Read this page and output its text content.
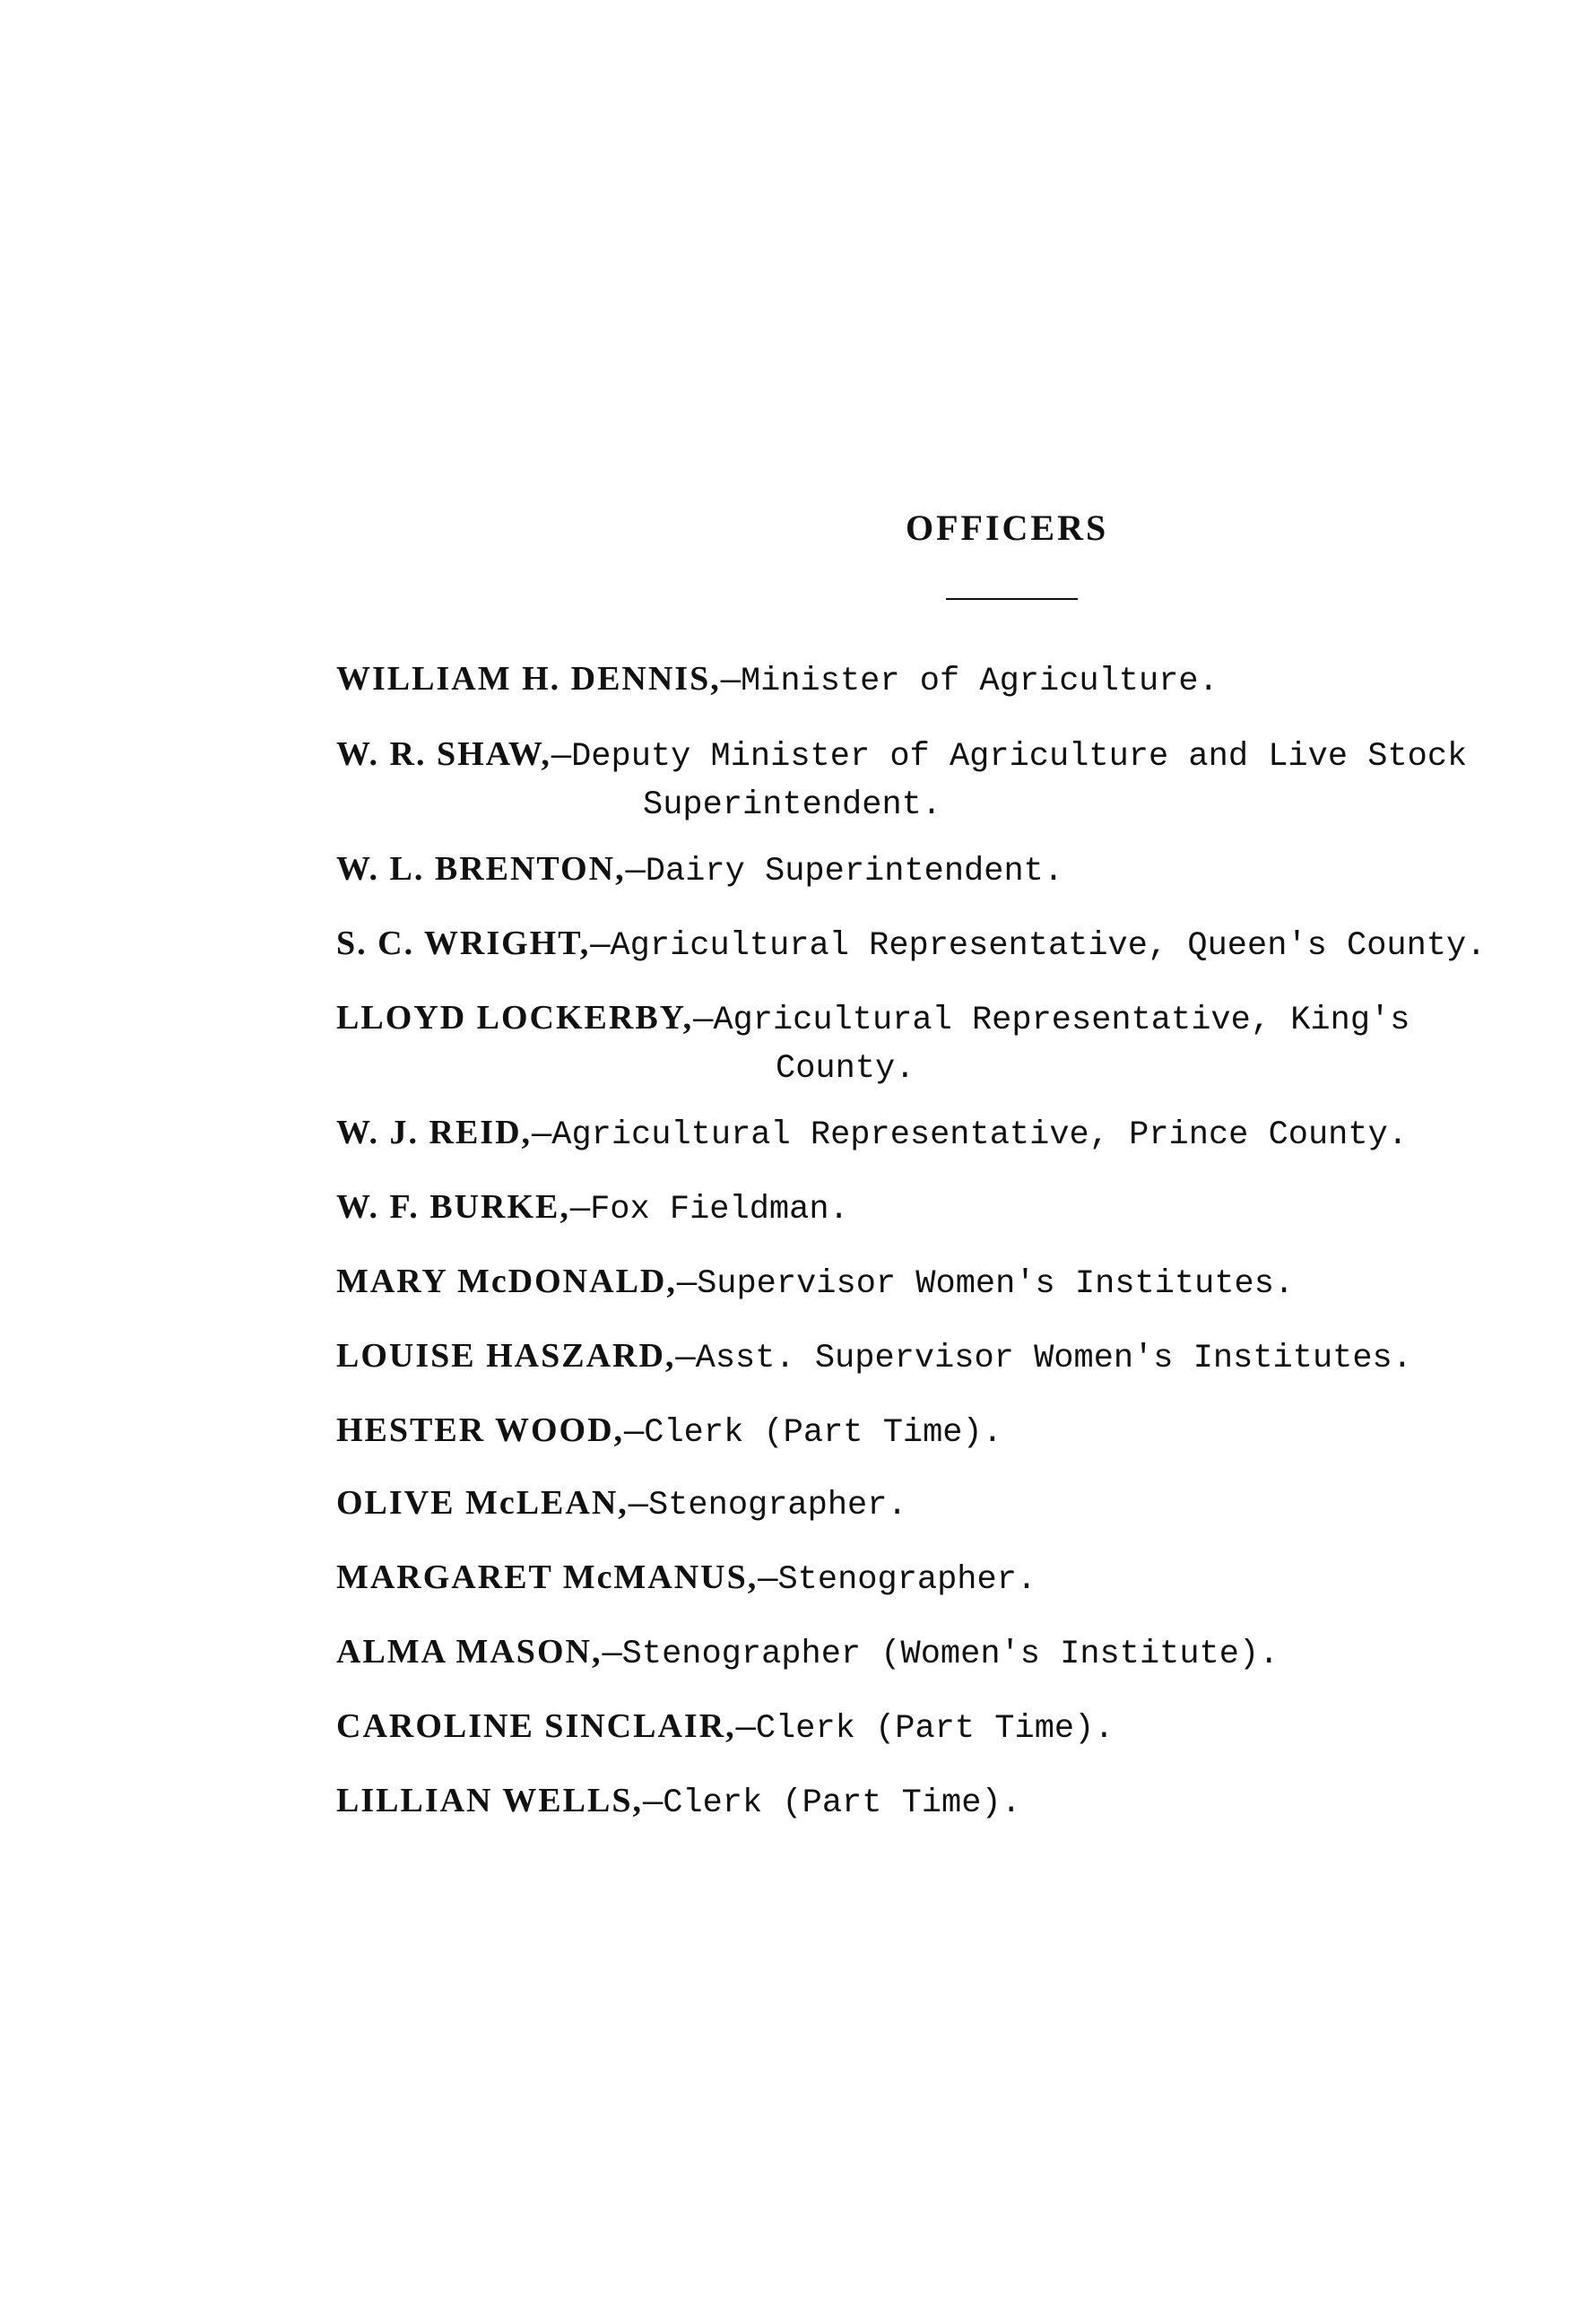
OFFICERS
WILLIAM H. DENNIS,—Minister of Agriculture.
W. R. SHAW,—Deputy Minister of Agriculture and Live Stock
Superintendent.
W. L. BRENTON,—Dairy Superintendent.
S. C. WRIGHT,—Agricultural Representative, Queen's County.
LLOYD LOCKERBY,—Agricultural Representative, King's
County.
W. J. REID,—Agricultural Representative, Prince County.
W. F. BURKE,—Fox Fieldman.
MARY McDONALD,—Supervisor Women's Institutes.
LOUISE HASZARD,—Asst. Supervisor Women's Institutes.
HESTER WOOD,—Clerk (Part Time).
OLIVE McLEAN,—Stenographer.
MARGARET McMANUS,—Stenographer.
ALMA MASON,—Stenographer (Women's Institute).
CAROLINE SINCLAIR,—Clerk (Part Time).
LILLIAN WELLS,—Clerk (Part Time).
